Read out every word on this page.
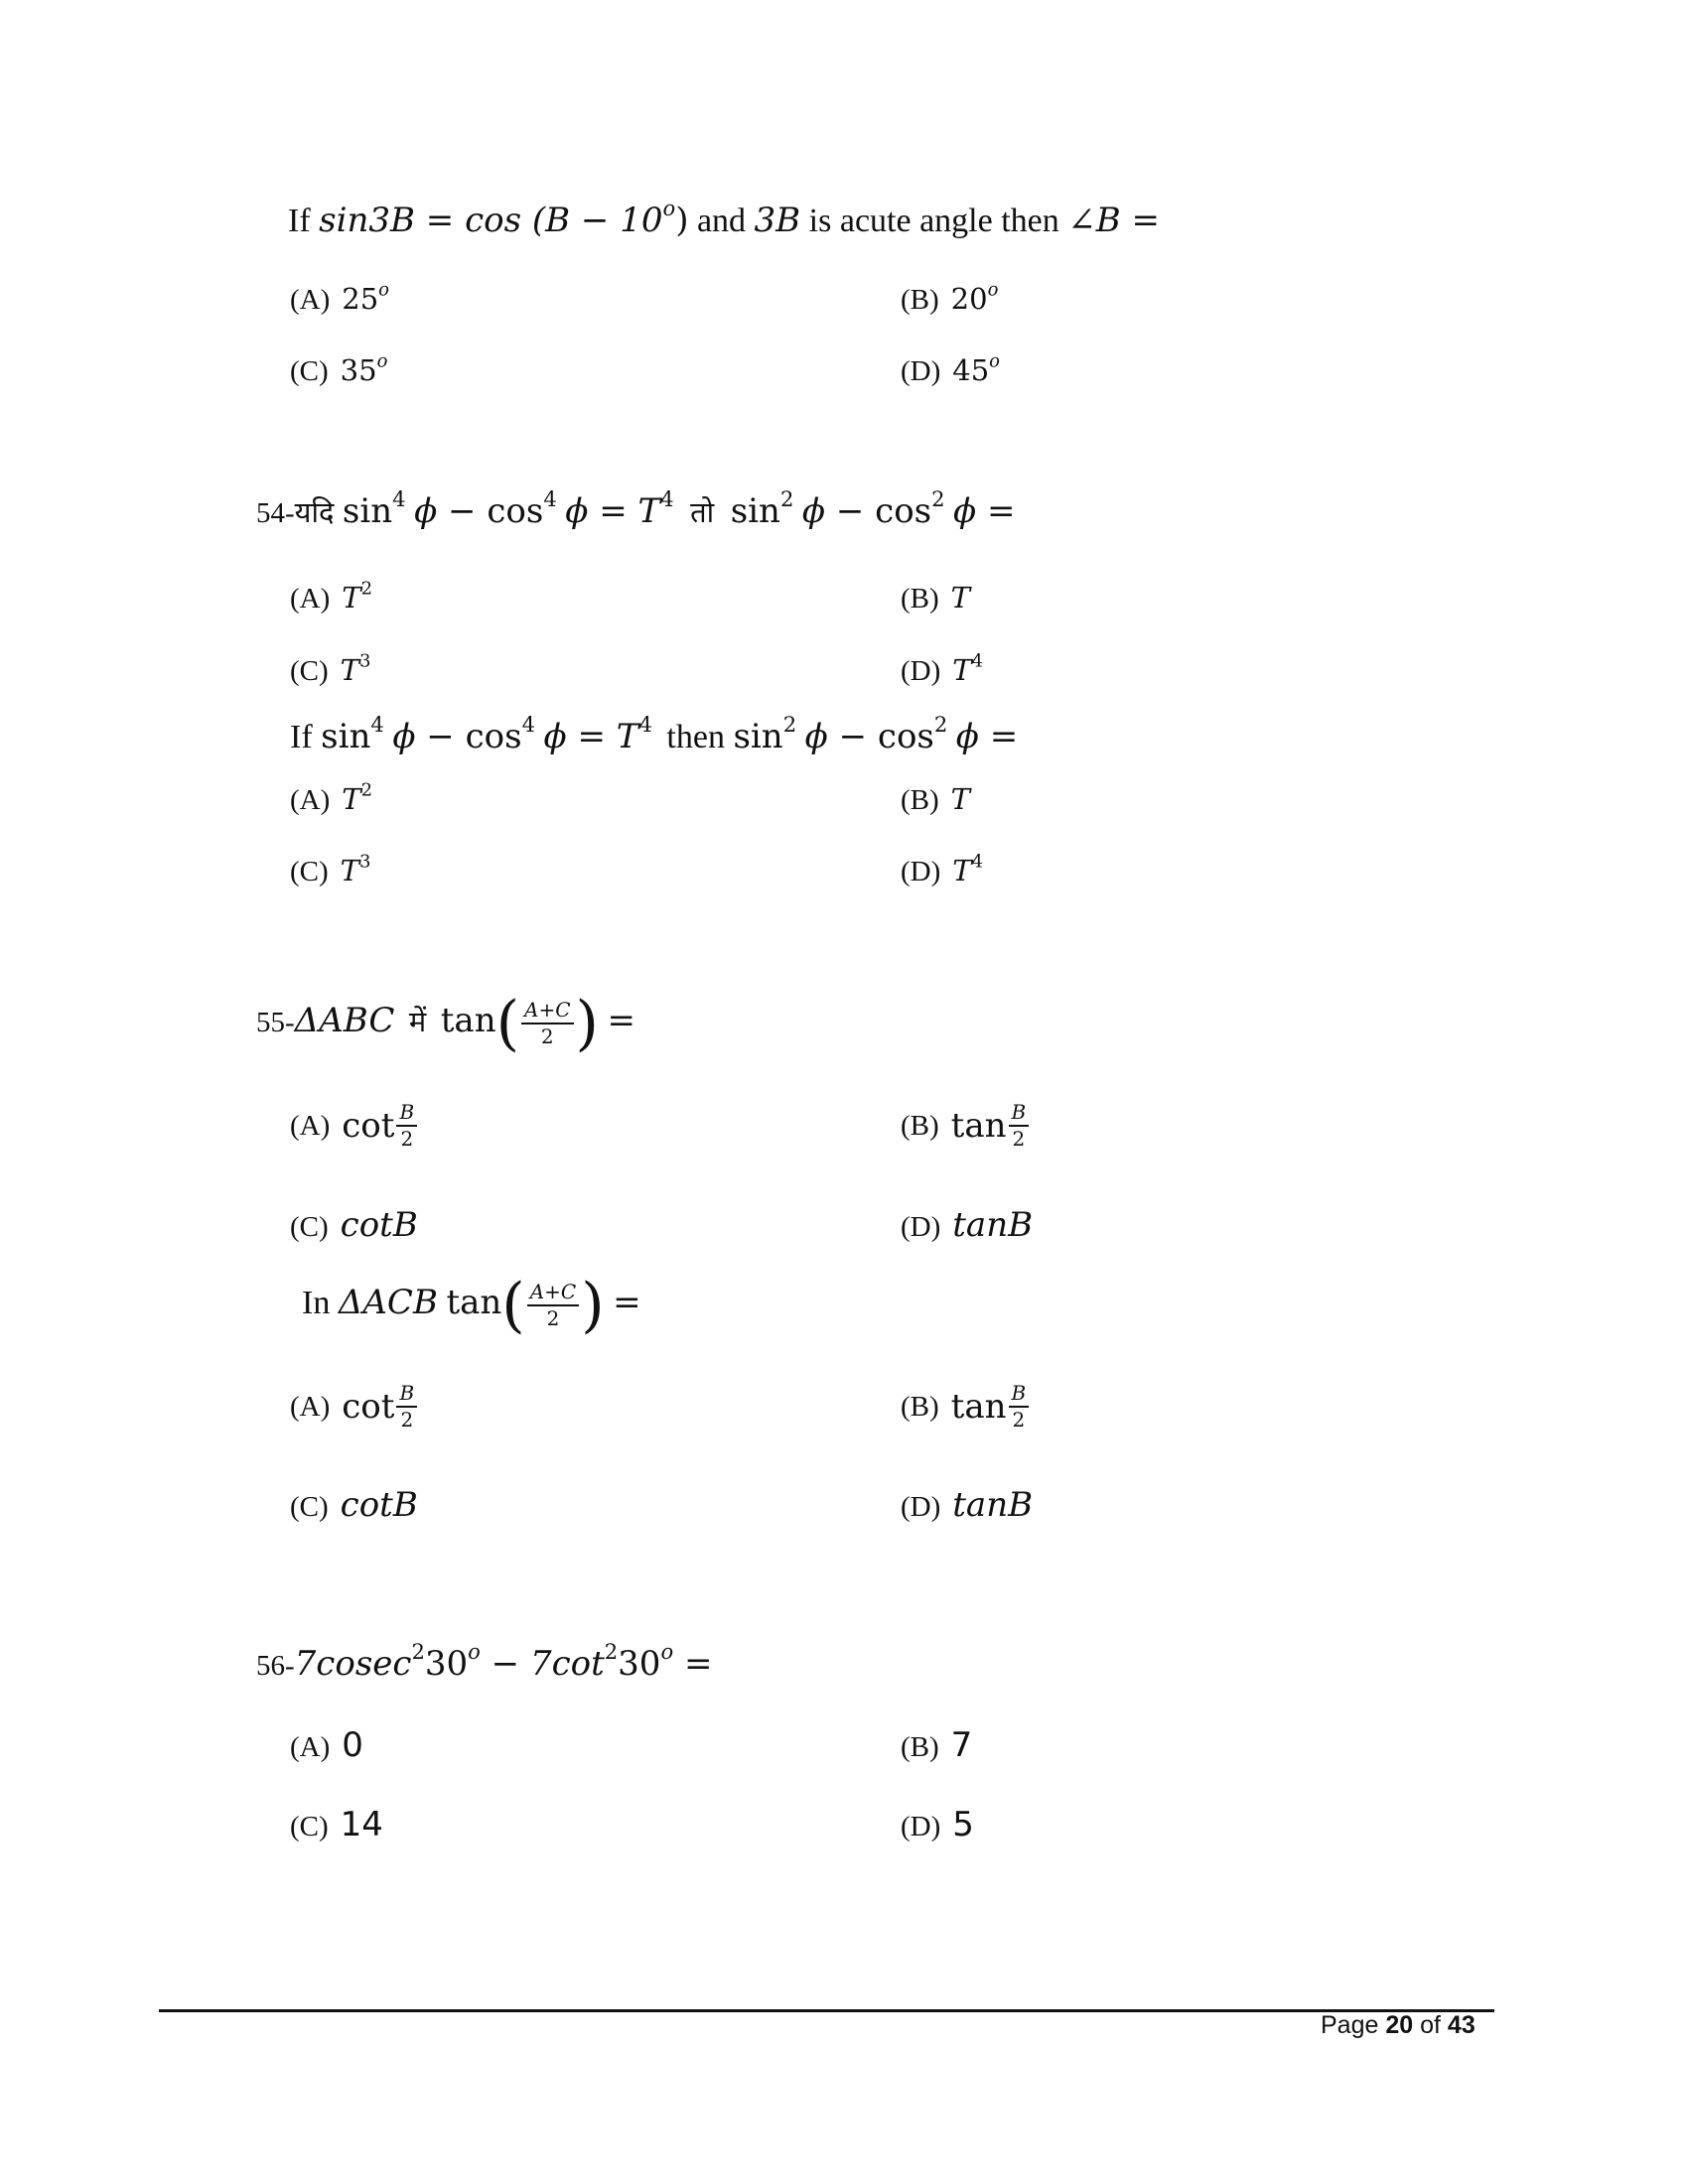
If $\sin 3B = \cos (B - 10^o)$ and 3B is acute angle then ∠B =
(A) 25$^o$	(B) 20$^o$
(C) 35$^o$	(D) 45$^o$
54-यदि $\sin^4 \phi - \cos^4 \phi = T^4$ तो $\sin^2 \phi - \cos^2 \phi$ =
(A) $T^2$	(B) T
(C) $T^3$	(D) $T^4$
If $\sin^4 \phi - \cos^4 \phi = T^4$ then $\sin^2 \phi - \cos^2 \phi$ =
(A) $T^2$	(B) T
(C) $T^3$	(D) $T^4$
55-ΔABC में $\tan( \frac{A+C}{2}$ ) =
(A) $\cot \frac{B}{2}$	(B) $\tan \frac{B}{2}$
(C) cotB	(D) tanB
In ΔACB $\tan( \frac{A+C}{2}$ ) =
(A) $\cot \frac{B}{2}$	(B) $\tan \frac{B}{2}$
(C) cotB	(D) tanB
$56-7cosec^230^o - 7\cot^230^o$ =
(A) 0	(B) 7
(C) 14	(D) 5
Page 20 of 43
